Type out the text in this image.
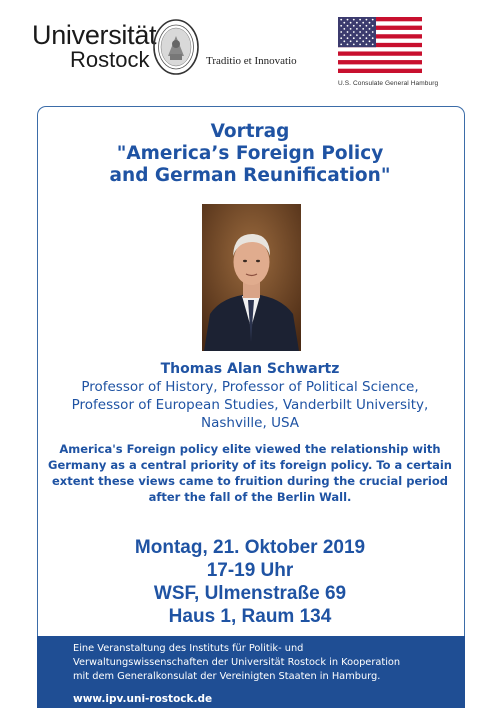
Universität
Rostock	Traditio et Innovatio
U.S. Consulate General Hamburg
Vortrag
"America’s Foreign Policy
and German Reunification"
Thomas Alan Schwartz
Professor of History, Professor of Political Science,
Professor of European Studies, Vanderbilt University,
Nashville, USA
America's Foreign policy elite viewed the relationship with Germany as a central priority of its foreign policy. To a certain extent these views came to fruition during the crucial period after the fall of the Berlin Wall.
Montag, 21. Oktober 2019
17-19 Uhr
WSF, Ulmenstraße 69
Haus 1, Raum 134
Eine Veranstaltung des Instituts für Politik- und
Verwaltungswissenschaften der Universität Rostock in Kooperation
mit dem Generalkonsulat der Vereinigten Staaten in Hamburg.
www.ipv.uni-rostock.de
